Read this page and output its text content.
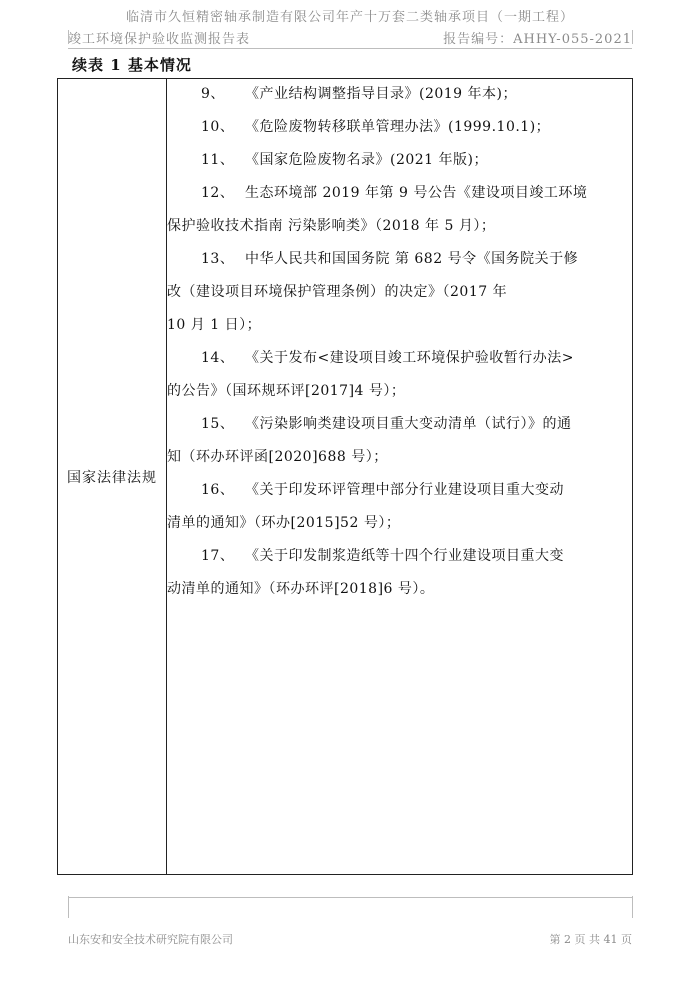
临清市久恒精密轴承制造有限公司年产十万套二类轴承项目（一期工程）
竣工环境保护验收监测报告表	报告编号：AHHY-055-2021
续表 1 基本情况
国家法律法规
9、 《产业结构调整指导目录》(2019 年本)；
10、 《危险废物转移联单管理办法》(1999.10.1)；
11、 《国家危险废物名录》(2021 年版)；
12、 生态环境部 2019 年第 9 号公告《建设项目竣工环境
保护验收技术指南 污染影响类》（2018 年 5 月）；
13、 中华人民共和国国务院 第 682 号令《国务院关于修
改（建设项目环境保护管理条例）的决定》（2017 年
10 月 1 日）；
14、 《关于发布<建设项目竣工环境保护验收暂行办法>
的公告》（国环规环评[2017]4 号）；
15、 《污染影响类建设项目重大变动清单（试行）》的通
知（环办环评函[2020]688 号）；
16、 《关于印发环评管理中部分行业建设项目重大变动
清单的通知》（环办[2015]52 号）；
17、 《关于印发制浆造纸等十四个行业建设项目重大变
动清单的通知》（环办环评[2018]6 号）。
山东安和安全技术研究院有限公司	第 2 页 共 41 页
